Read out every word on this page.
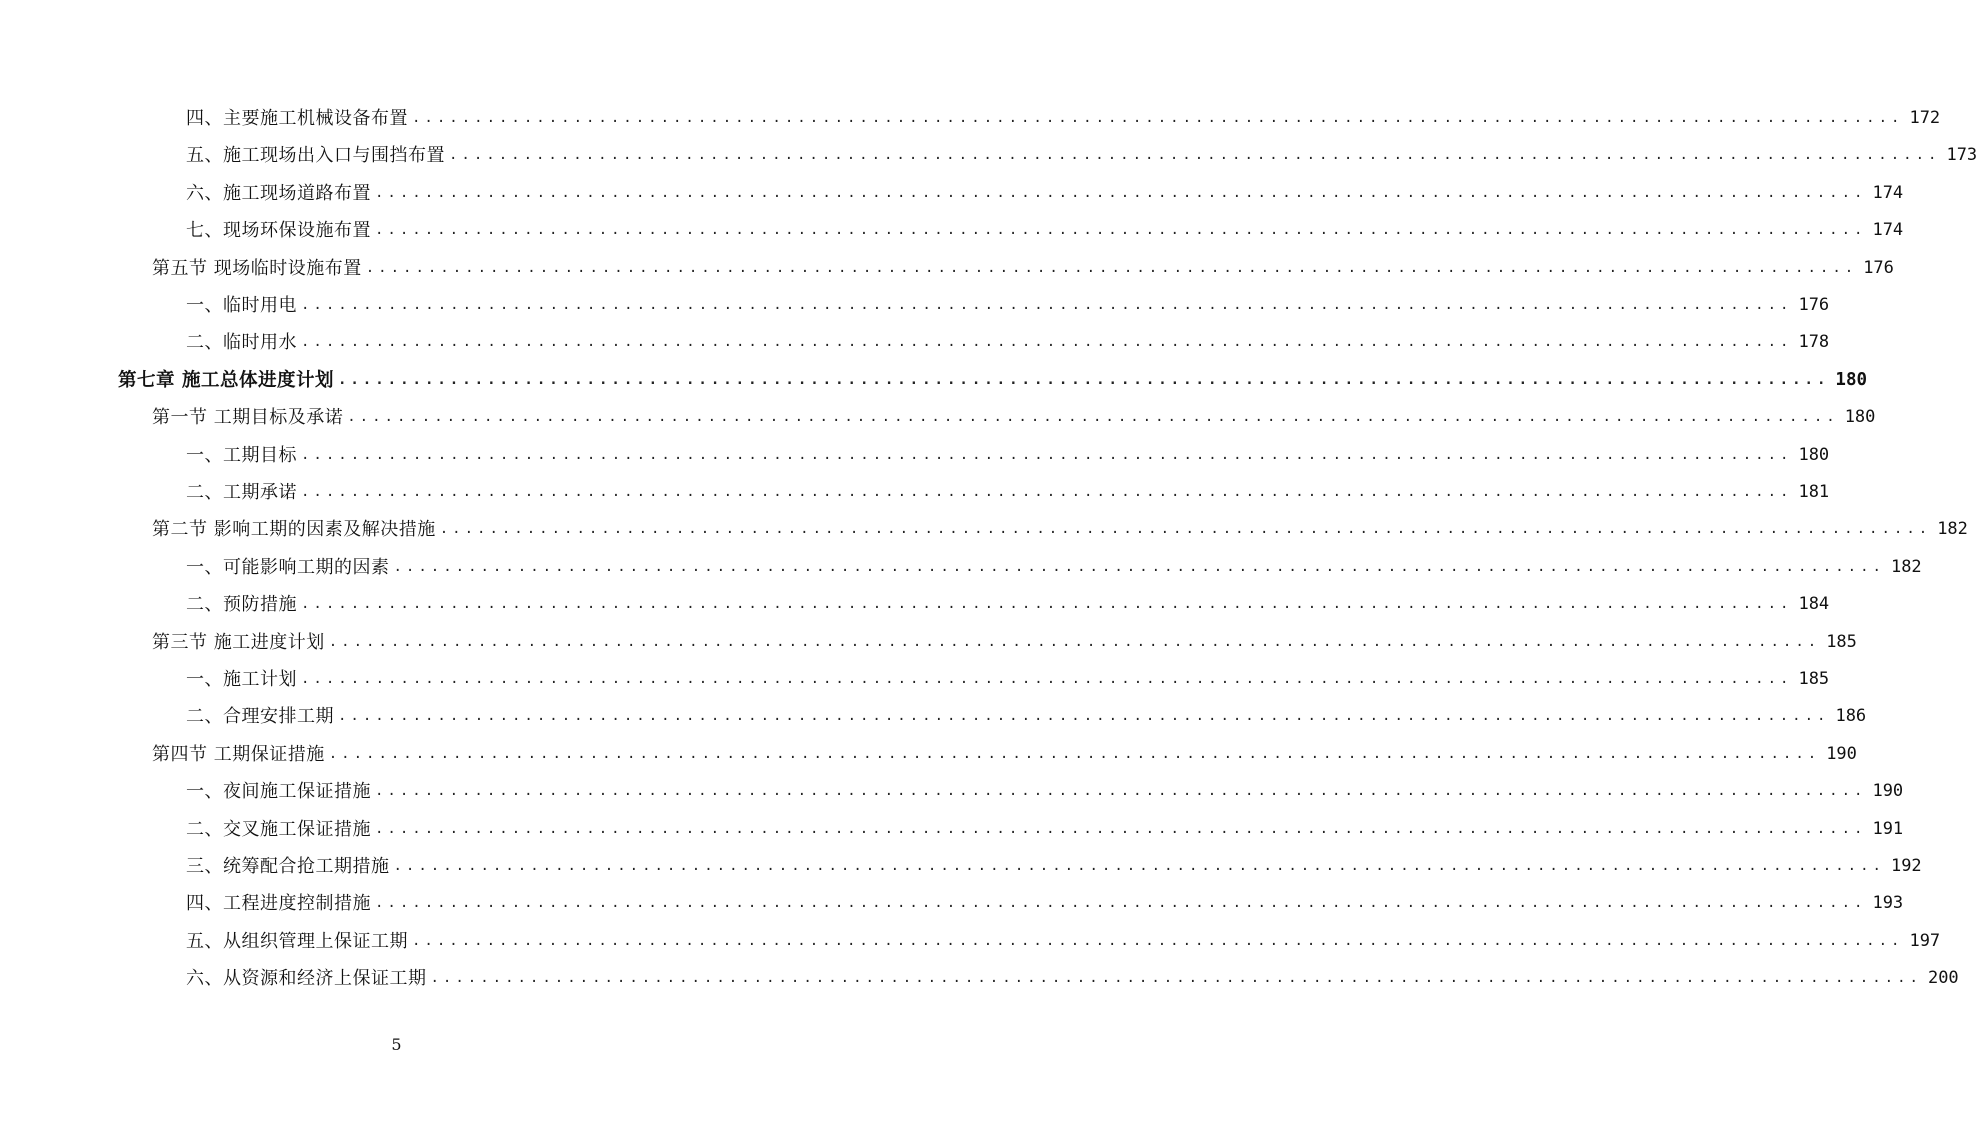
四、主要施工机械设备布置 ........................................................................................................................ 172
五、施工现场出入口与围挡布置 ........................................................................................................................ 173
六、施工现场道路布置 ........................................................................................................................ 174
七、现场环保设施布置 ........................................................................................................................ 174
第五节 现场临时设施布置 ........................................................................................................................ 176
一、临时用电 ........................................................................................................................ 176
二、临时用水 ........................................................................................................................ 178
第七章 施工总体进度计划 ........................................................................................................................ 180
第一节 工期目标及承诺 ........................................................................................................................ 180
一、工期目标 ........................................................................................................................ 180
二、工期承诺 ........................................................................................................................ 181
第二节 影响工期的因素及解决措施 ........................................................................................................................ 182
一、可能影响工期的因素 ........................................................................................................................ 182
二、预防措施 ........................................................................................................................ 184
第三节 施工进度计划 ........................................................................................................................ 185
一、施工计划 ........................................................................................................................ 185
二、合理安排工期 ........................................................................................................................ 186
第四节 工期保证措施 ........................................................................................................................ 190
一、夜间施工保证措施 ........................................................................................................................ 190
二、交叉施工保证措施 ........................................................................................................................ 191
三、统筹配合抢工期措施 ........................................................................................................................ 192
四、工程进度控制措施 ........................................................................................................................ 193
五、从组织管理上保证工期 ........................................................................................................................ 197
六、从资源和经济上保证工期 ........................................................................................................................ 200
5
